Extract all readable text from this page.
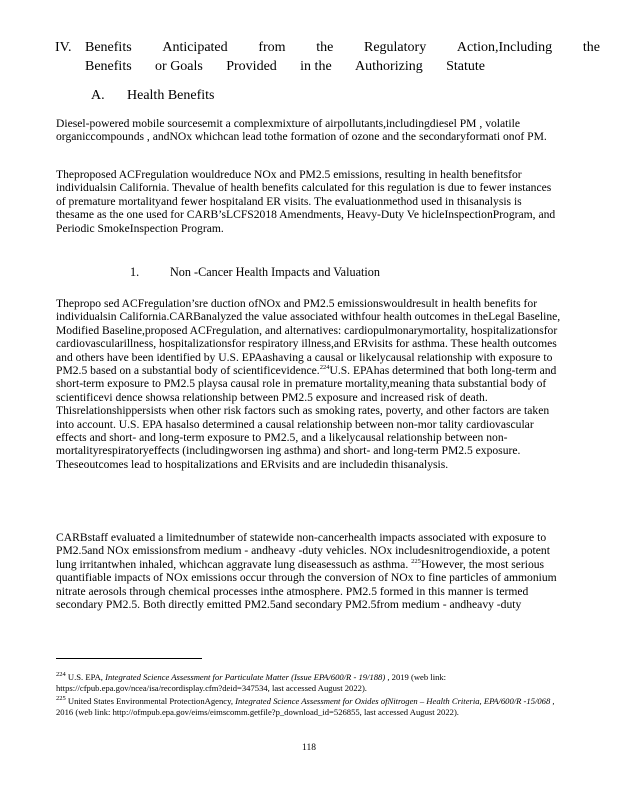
IV. Benefits Anticipated from the Regulatory Action,Including the
Benefits or Goals Provided in the Authorizing Statute
A. Health Benefits

Diesel-powered mobile sourcesemit a complexmixture of airpollutants,includingdiesel PM , volatile organiccompounds , andNOx whichcan lead tothe formation of ozone and the secondaryformati onof PM.

Theproposed ACFregulation wouldreduce NOx and PM2.5 emissions, resulting in health benefitsfor individualsin California. Thevalue of health benefits calculated for this regulation is due to fewer instances of premature mortalityand fewer hospitaland ER visits. The evaluationmethod used in thisanalysis is thesame as the one used for CARB’sLCFS2018 Amendments, Heavy-Duty Ve hicleInspectionProgram, and Periodic SmokeInspection Program.

1.	Non -Cancer Health Impacts and Valuation

Thepropo sed ACFregulation’sre duction ofNOx and PM2.5 emissionswouldresult in health benefits for individualsin California.CARBanalyzed the value associated withfour health outcomes in theLegal Baseline, Modified Baseline,proposed ACFregulation, and alternatives: cardiopulmonarymortality, hospitalizationsfor cardiovascularillness, hospitalizationsfor respiratory illness,and ERvisits for asthma. These health outcomes and others have been identified by U.S. EPAashaving a causal or likelycausal relationship with exposure to PM2.5 based on a substantial body of scientificevidence.$^{224}$U.S. EPAhas determined that both long-term and short-term exposure to PM2.5 playsa causal role in premature mortality,meaning thata substantial body of scientificevi dence showsa relationship between PM2.5 exposure and increased risk of death. Thisrelationshippersists when other risk factors such as smoking rates, poverty, and other factors are taken into account. U.S. EPA hasalso determined a causal relationship between non-mor tality cardiovascular effects and short- and long-term exposure to PM2.5, and a likelycausal relationship between non-mortalityrespiratoryeffects (includingworsen ing asthma) and short- and long-term PM2.5 exposure. Theseoutcomes lead to hospitalizations and ERvisits and are includedin thisanalysis.

CARBstaff evaluated a limitednumber of statewide non-cancerhealth impacts associated with exposure to PM2.5and NOx emissionsfrom medium - andheavy -duty vehicles. NOx includesnitrogendioxide, a potent lung irritantwhen inhaled, whichcan aggravate lung diseasessuch as asthma. $^{225}$However, the most serious quantifiable impacts of NOx emissions occur through the conversion of NOx to fine particles of ammonium nitrate aerosols through chemical processes inthe atmosphere. PM2.5 formed in this manner is termed secondary PM2.5. Both directly emitted PM2.5and secondary PM2.5from medium - andheavy -duty

$^{224}$ U.S. EPA, Integrated Science Assessment for Particulate Matter (Issue EPA/600/R - 19/188) , 2019 (web link: https://cfpub.epa.gov/ncea/isa/recordisplay.cfm?deid=347534, last accessed August 2022).

$^{225}$ United States Environmental ProtectionAgency, Integrated Science Assessment for Oxides ofNitrogen – Health Criteria, EPA/600/R -15/068 , 2016 (web link: http://ofmpub.epa.gov/eims/eimscomm.getfile?p_download_id=526855, last accessed August 2022).

118
